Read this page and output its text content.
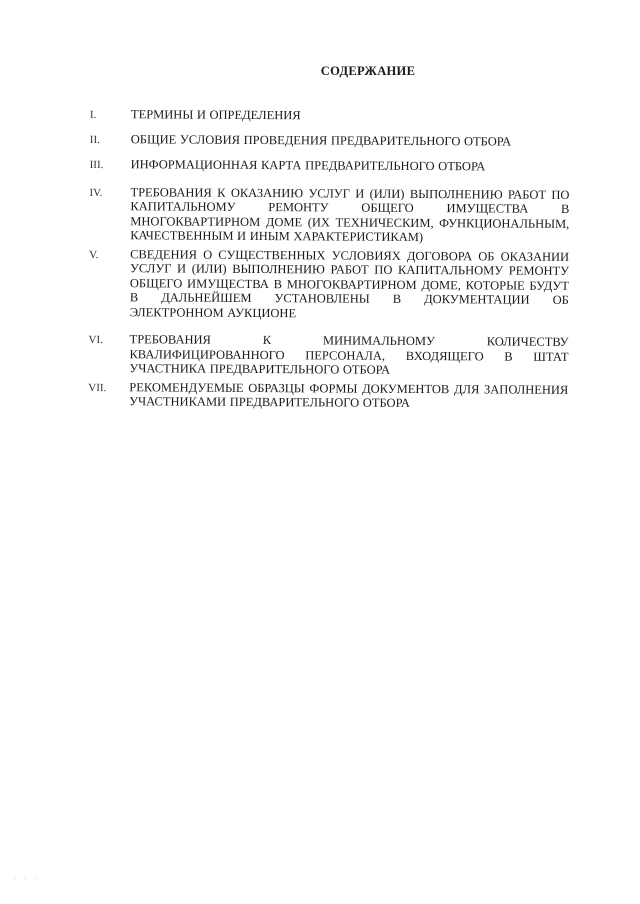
СОДЕРЖАНИЕ
I.	ТЕРМИНЫ И ОПРЕДЕЛЕНИЯ
II.	ОБЩИЕ УСЛОВИЯ ПРОВЕДЕНИЯ ПРЕДВАРИТЕЛЬНОГО ОТБОРА
III.	ИНФОРМАЦИОННАЯ КАРТА ПРЕДВАРИТЕЛЬНОГО ОТБОРА
IV.	ТРЕБОВАНИЯ К ОКАЗАНИЮ УСЛУГ И (ИЛИ) ВЫПОЛНЕНИЮ РАБОТ ПО КАПИТАЛЬНОМУ РЕМОНТУ ОБЩЕГО ИМУЩЕСТВА В МНОГОКВАРТИРНОМ ДОМЕ (ИХ ТЕХНИЧЕСКИМ, ФУНКЦИОНАЛЬНЫМ, КАЧЕСТВЕННЫМ И ИНЫМ ХАРАКТЕРИСТИКАМ)
V.	СВЕДЕНИЯ О СУЩЕСТВЕННЫХ УСЛОВИЯХ ДОГОВОРА ОБ ОКАЗАНИИ УСЛУГ И (ИЛИ) ВЫПОЛНЕНИЮ РАБОТ ПО КАПИТАЛЬНОМУ РЕМОНТУ ОБЩЕГО ИМУЩЕСТВА В МНОГОКВАРТИРНОМ ДОМЕ, КОТОРЫЕ БУДУТ В ДАЛЬНЕЙШЕМ УСТАНОВЛЕНЫ В ДОКУМЕНТАЦИИ ОБ ЭЛЕКТРОННОМ АУКЦИОНЕ
VI.	ТРЕБОВАНИЯ К МИНИМАЛЬНОМУ КОЛИЧЕСТВУ КВАЛИФИЦИРОВАННОГО ПЕРСОНАЛА, ВХОДЯЩЕГО В ШТАТ УЧАСТНИКА ПРЕДВАРИТЕЛЬНОГО ОТБОРА
VII.	РЕКОМЕНДУЕМЫЕ ОБРАЗЦЫ ФОРМЫ ДОКУМЕНТОВ ДЛЯ ЗАПОЛНЕНИЯ УЧАСТНИКАМИ ПРЕДВАРИТЕЛЬНОГО ОТБОРА
. . .
